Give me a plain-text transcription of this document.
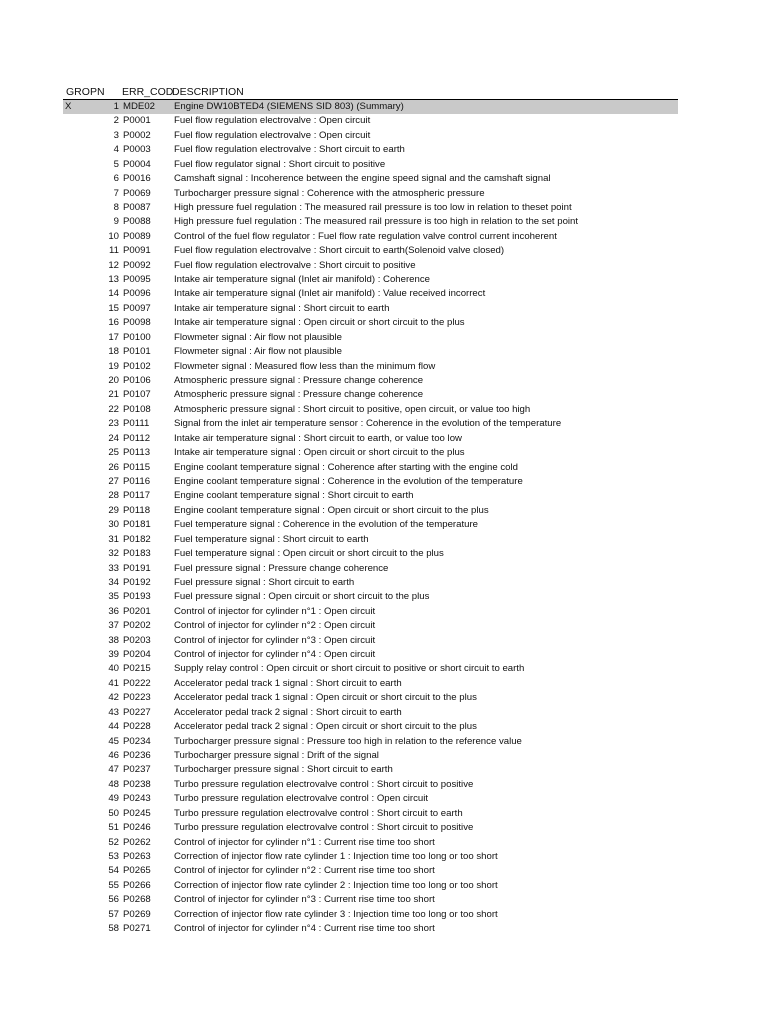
GRO PN ERR_COD
DESCRIPTION
X	1	MDE02	Engine DW10BTED4 (SIEMENS SID 803) (Summary)
	2	P0001	Fuel flow regulation electrovalve : Open circuit
	3	P0002	Fuel flow regulation electrovalve : Open circuit
	4	P0003	Fuel flow regulation electrovalve : Short circuit to earth
	5	P0004	Fuel flow regulator signal : Short circuit to positive
	6	P0016	Camshaft signal : Incoherence between the engine speed signal and the camshaft signal
	7	P0069	Turbocharger pressure signal : Coherence with the atmospheric pressure
	8	P0087	High pressure fuel regulation : The measured rail pressure is too low in relation to theset point
	9	P0088	High pressure fuel regulation : The measured rail pressure is too high in relation to the set point
	10	P0089	Control of the fuel flow regulator : Fuel flow rate regulation valve control current incoherent
	11	P0091	Fuel flow regulation electrovalve : Short circuit to earth(Solenoid valve closed)
	12	P0092	Fuel flow regulation electrovalve : Short circuit to positive
	13	P0095	Intake air temperature signal (Inlet air manifold) : Coherence
	14	P0096	Intake air temperature signal (Inlet air manifold) : Value received incorrect
	15	P0097	Intake air temperature signal : Short circuit to earth
	16	P0098	Intake air temperature signal : Open circuit or short circuit to the plus
	17	P0100	Flowmeter signal : Air flow not plausible
	18	P0101	Flowmeter signal : Air flow not plausible
	19	P0102	Flowmeter signal : Measured flow less than the minimum flow
	20	P0106	Atmospheric pressure signal : Pressure change coherence
	21	P0107	Atmospheric pressure signal : Pressure change coherence
	22	P0108	Atmospheric pressure signal : Short circuit to positive, open circuit, or value too high
	23	P0111	Signal from the inlet air temperature sensor : Coherence in the evolution of the temperature
	24	P0112	Intake air temperature signal : Short circuit to earth, or value too low
	25	P0113	Intake air temperature signal : Open circuit or short circuit to the plus
	26	P0115	Engine coolant temperature signal : Coherence after starting with the engine cold
	27	P0116	Engine coolant temperature signal : Coherence in the evolution of the temperature
	28	P0117	Engine coolant temperature signal : Short circuit to earth
	29	P0118	Engine coolant temperature signal : Open circuit or short circuit to the plus
	30	P0181	Fuel temperature signal : Coherence in the evolution of the temperature
	31	P0182	Fuel temperature signal : Short circuit to earth
	32	P0183	Fuel temperature signal : Open circuit or short circuit to the plus
	33	P0191	Fuel pressure signal : Pressure change coherence
	34	P0192	Fuel pressure signal : Short circuit to earth
	35	P0193	Fuel pressure signal : Open circuit or short circuit to the plus
	36	P0201	Control of injector for cylinder n°1 : Open circuit
	37	P0202	Control of injector for cylinder n°2 : Open circuit
	38	P0203	Control of injector for cylinder n°3 : Open circuit
	39	P0204	Control of injector for cylinder n°4 : Open circuit
	40	P0215	Supply relay control : Open circuit or short circuit to positive or short circuit to earth
	41	P0222	Accelerator pedal track 1 signal : Short circuit to earth
	42	P0223	Accelerator pedal track 1 signal : Open circuit or short circuit to the plus
	43	P0227	Accelerator pedal track 2 signal : Short circuit to earth
	44	P0228	Accelerator pedal track 2 signal : Open circuit or short circuit to the plus
	45	P0234	Turbocharger pressure signal : Pressure too high in relation to the reference value
	46	P0236	Turbocharger pressure signal : Drift of the signal
	47	P0237	Turbocharger pressure signal : Short circuit to earth
	48	P0238	Turbo pressure regulation electrovalve control : Short circuit to positive
	49	P0243	Turbo pressure regulation electrovalve control : Open circuit
	50	P0245	Turbo pressure regulation electrovalve control : Short circuit to earth
	51	P0246	Turbo pressure regulation electrovalve control : Short circuit to positive
	52	P0262	Control of injector for cylinder n°1 : Current rise time too short
	53	P0263	Correction of injector flow rate cylinder 1 : Injection time too long or too short
	54	P0265	Control of injector for cylinder n°2 : Current rise time too short
	55	P0266	Correction of injector flow rate cylinder 2 : Injection time too long or too short
	56	P0268	Control of injector for cylinder n°3 : Current rise time too short
	57	P0269	Correction of injector flow rate cylinder 3 : Injection time too long or too short
	58	P0271	Control of injector for cylinder n°4 : Current rise time too short
